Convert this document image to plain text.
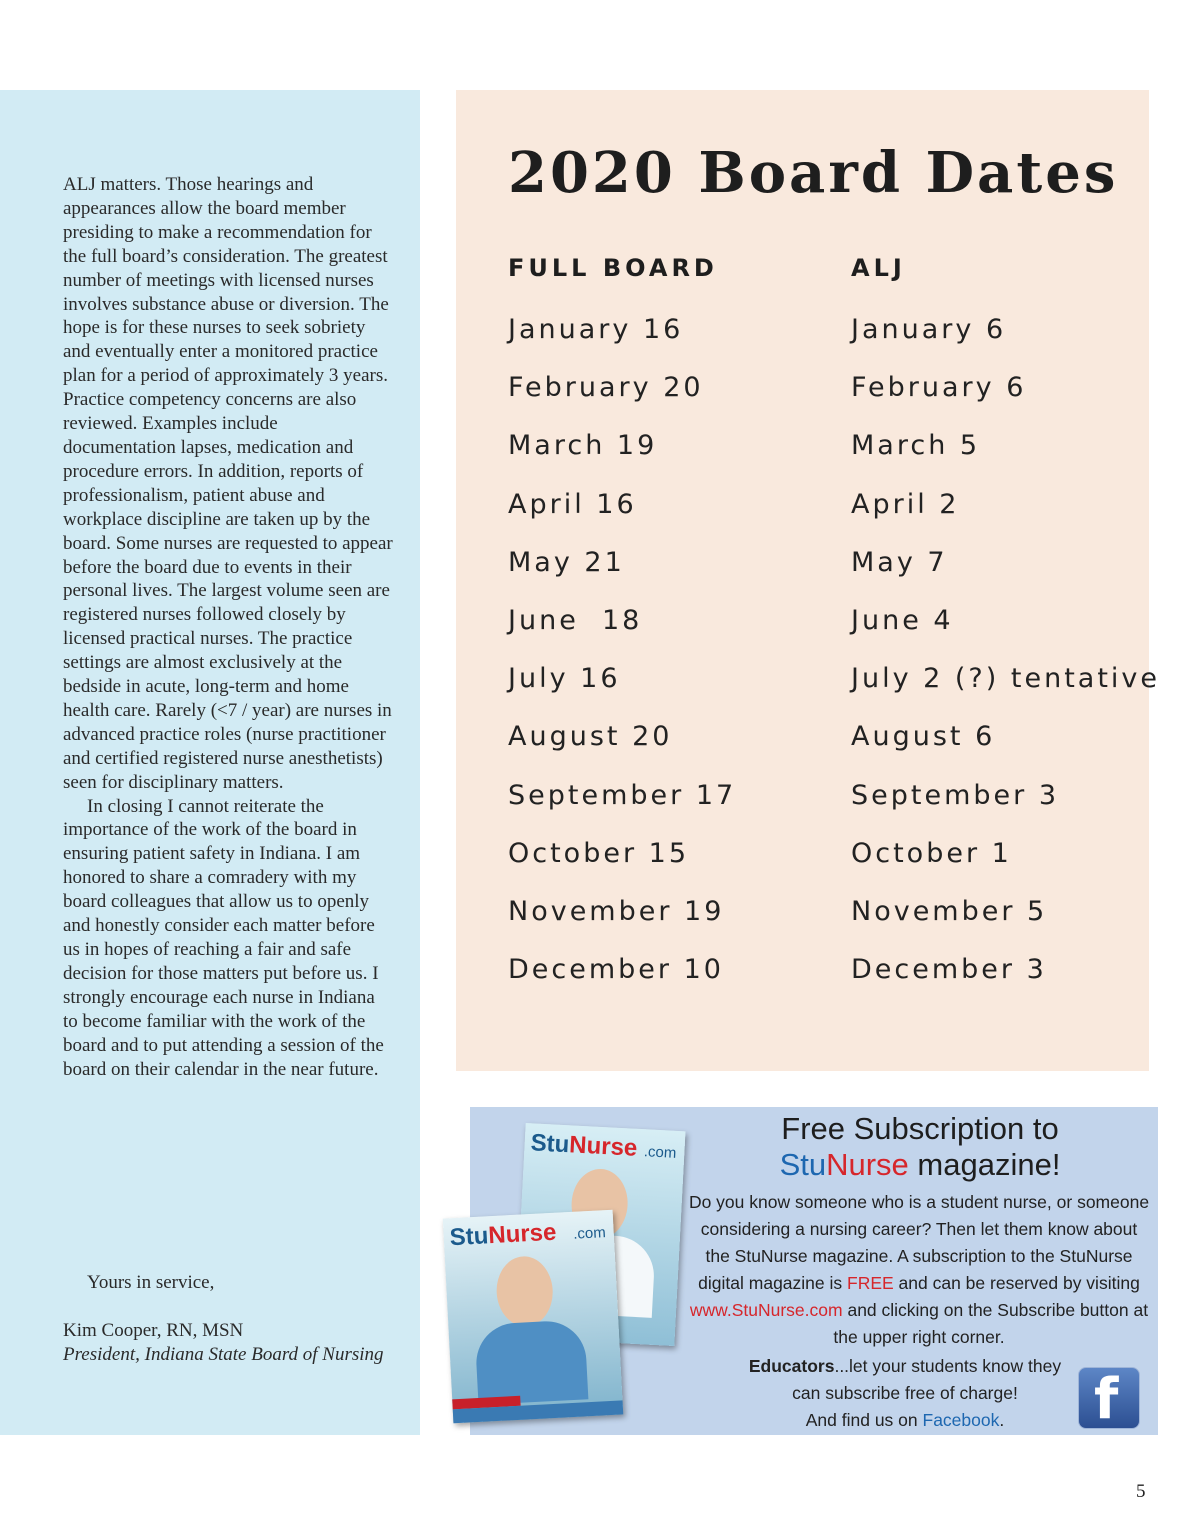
ALJ matters. Those hearings and appearances allow the board member presiding to make a recommendation for the full board’s consideration. The greatest number of meetings with licensed nurses involves substance abuse or diversion. The hope is for these nurses to seek sobriety and eventually enter a monitored practice plan for a period of approximately 3 years. Practice competency concerns are also reviewed. Examples include documentation lapses, medication and procedure errors. In addition, reports of professionalism, patient abuse and workplace discipline are taken up by the board. Some nurses are requested to appear before the board due to events in their personal lives. The largest volume seen are registered nurses followed closely by licensed practical nurses. The practice settings are almost exclusively at the bedside in acute, long-term and home health care. Rarely (<7 / year) are nurses in advanced practice roles (nurse practitioner and certified registered nurse anesthetists) seen for disciplinary matters.

In closing I cannot reiterate the importance of the work of the board in ensuring patient safety in Indiana. I am honored to share a comradery with my board colleagues that allow us to openly and honestly consider each matter before us in hopes of reaching a fair and safe decision for those matters put before us. I strongly encourage each nurse in Indiana to become familiar with the work of the board and to put attending a session of the board on their calendar in the near future.

Yours in service,

Kim Cooper, RN, MSN

President, Indiana State Board of Nursing

2020 Board Dates
FULL BOARD	ALJ
January 16
February 20
March 19
April 16
May 21
June  18
July 16
August 20
September 17
October 15
November 19
December 10
January 6
February 6
March 5
April 2
May 7
June 4
July 2 (?) tentative
August 6
September 3
October 1
November 5
December 3
StuNurse .com
StuNurse .com

Free Subscription to
StuNurse magazine!

Do you know someone who is a student nurse, or someone considering a nursing career? Then let them know about the StuNurse magazine. A subscription to the StuNurse digital magazine is FREE and can be reserved by visiting www.StuNurse.com and clicking on the Subscribe button at the upper right corner.

Educators...let your students know they can subscribe free of charge!
And find us on Facebook.	f

5
